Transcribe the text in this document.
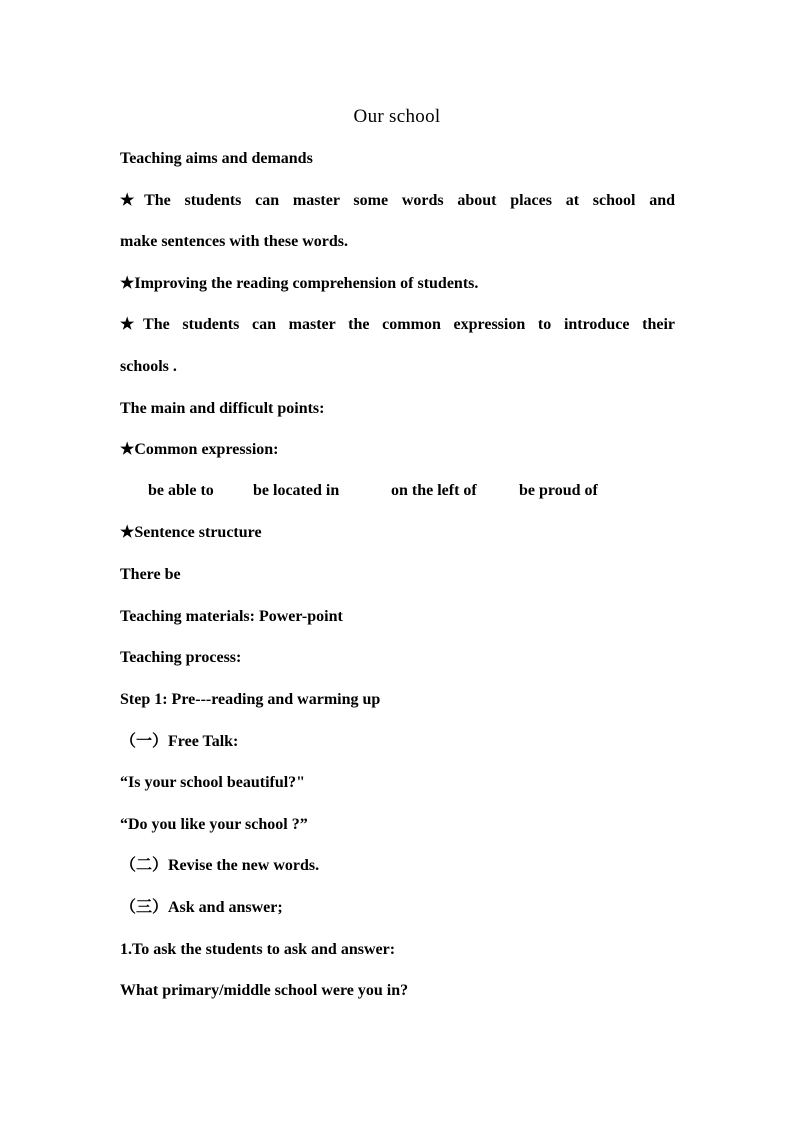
Our school
Teaching aims and demands
★The students can master some words about places at school and
make sentences with these words.
★Improving the reading comprehension of students.
★The students can master the common expression to introduce their
schools .
The main and difficult points:
★Common expression:
be able to be located in	on the left of	be proud of
★Sentence structure
There be
Teaching materials: Power-point
Teaching process:
Step 1: Pre---reading and warming up
（一）Free Talk:
“Is your school beautiful?"
“Do you like your school ?”
（二）Revise the new words.
（三）Ask and answer;
1.To ask the students to ask and answer:
What primary/middle school were you in?
